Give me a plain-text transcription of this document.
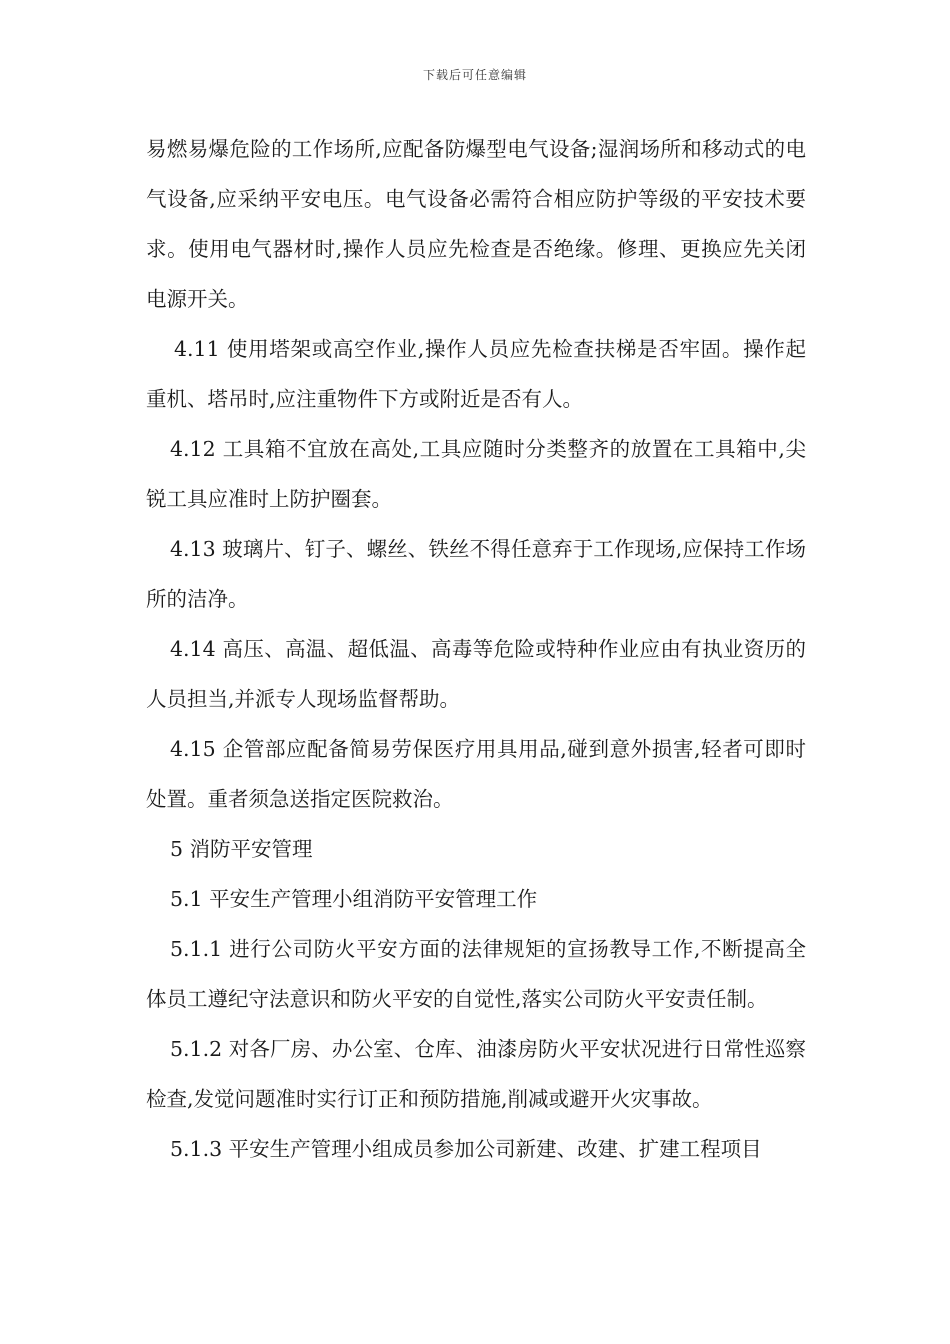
下载后可任意编辑

易燃易爆危险的工作场所,应配备防爆型电气设备;湿润场所和移动式的电气设备,应采纳平安电压。电气设备必需符合相应防护等级的平安技术要求。使用电气器材时,操作人员应先检查是否绝缘。修理、更换应先关闭电源开关。

4.11 使用塔架或高空作业,操作人员应先检查扶梯是否牢固。操作起重机、塔吊时,应注重物件下方或附近是否有人。

4.12 工具箱不宜放在高处,工具应随时分类整齐的放置在工具箱中,尖锐工具应准时上防护圈套。

4.13 玻璃片、钉子、螺丝、铁丝不得任意弃于工作现场,应保持工作场所的洁净。

4.14 高压、高温、超低温、高毒等危险或特种作业应由有执业资历的人员担当,并派专人现场监督帮助。

4.15 企管部应配备简易劳保医疗用具用品,碰到意外损害,轻者可即时处置。重者须急送指定医院救治。

5 消防平安管理

5.1 平安生产管理小组消防平安管理工作

5.1.1 进行公司防火平安方面的法律规矩的宣扬教导工作,不断提高全体员工遵纪守法意识和防火平安的自觉性,落实公司防火平安责任制。

5.1.2 对各厂房、办公室、仓库、油漆房防火平安状况进行日常性巡察检查,发觉问题准时实行订正和预防措施,削减或避开火灾事故。

5.1.3 平安生产管理小组成员参加公司新建、改建、扩建工程项目
